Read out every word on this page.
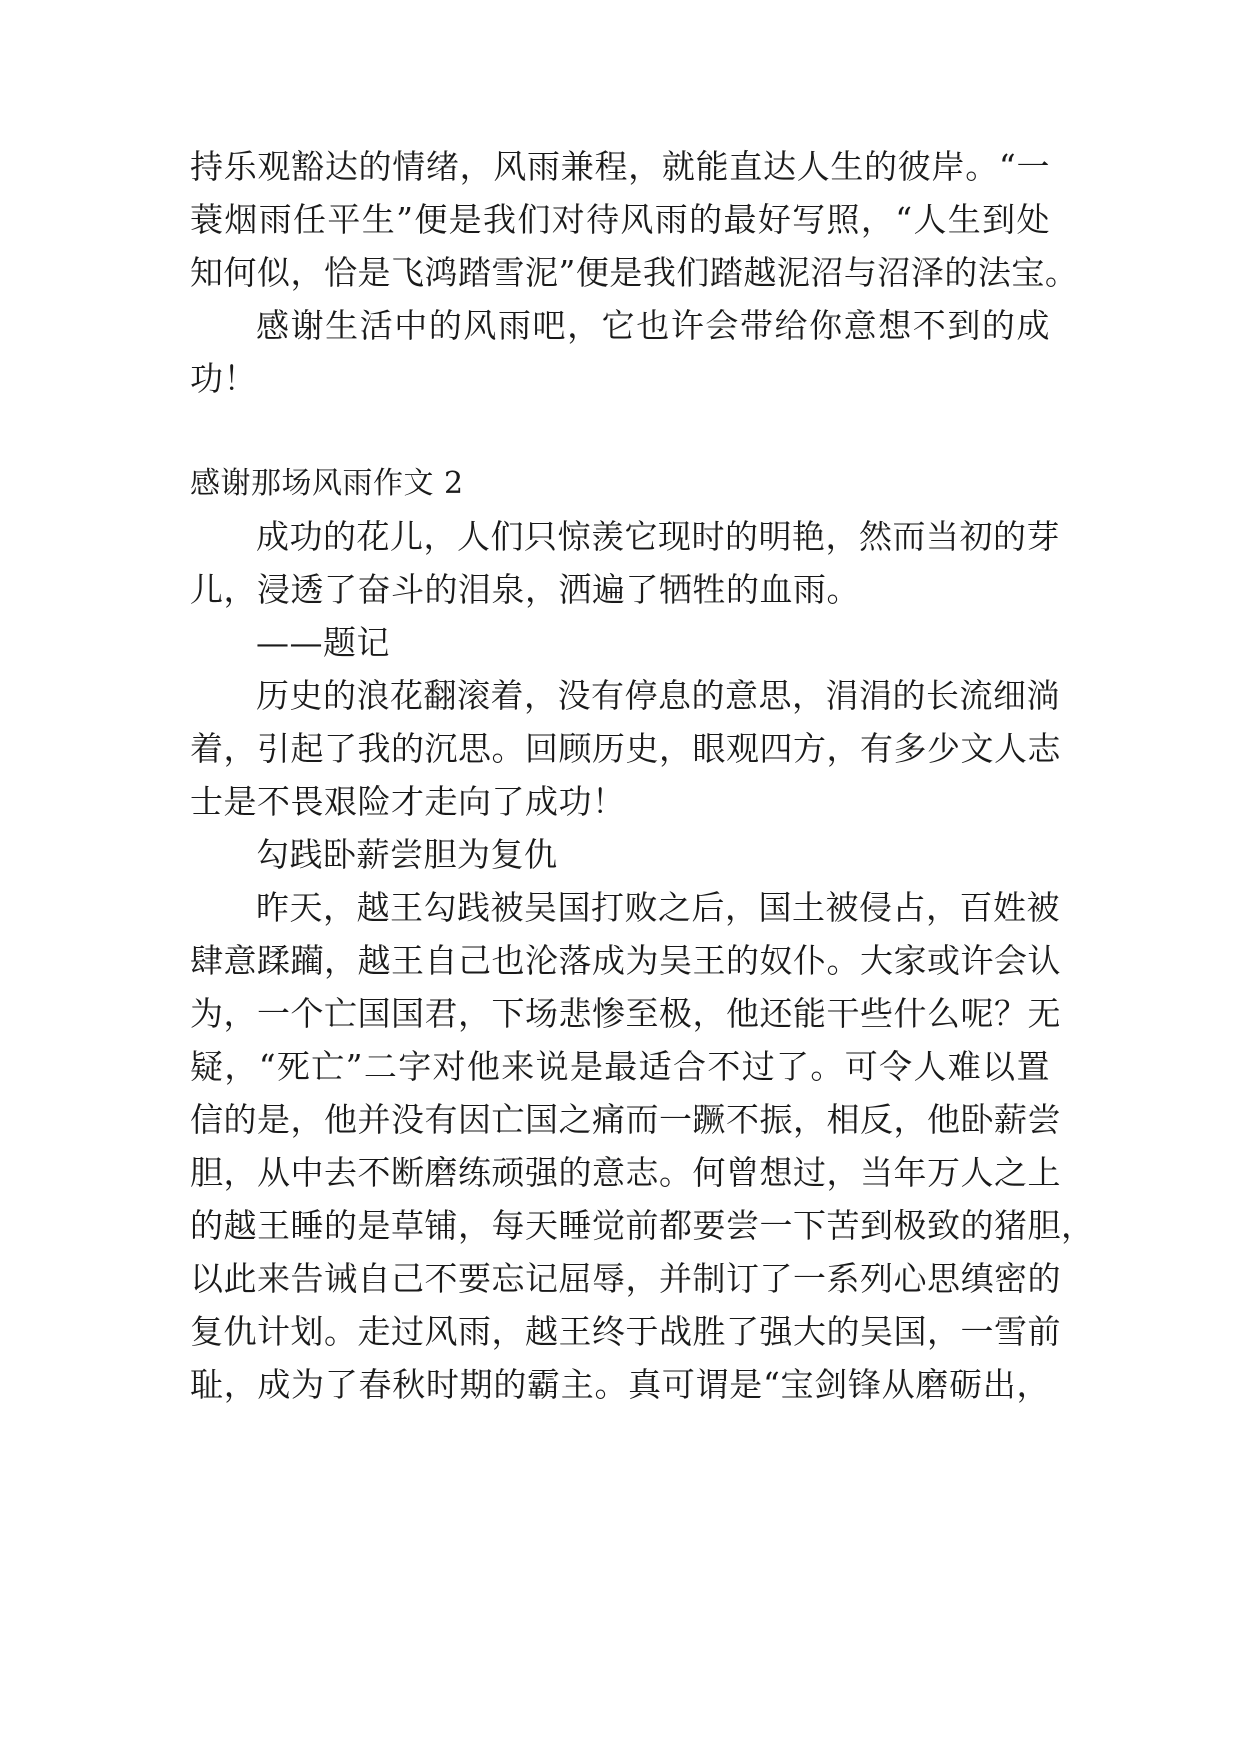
持乐观豁达的情绪，风雨兼程，就能直达人生的彼岸。“一
蓑烟雨任平生”便是我们对待风雨的最好写照，“人生到处
知何似，恰是飞鸿踏雪泥”便是我们踏越泥沼与沼泽的法宝。
感谢生活中的风雨吧，它也许会带给你意想不到的成
功！
感谢那场风雨作文 2
成功的花儿，人们只惊羡它现时的明艳，然而当初的芽
儿，浸透了奋斗的泪泉，洒遍了牺牲的血雨。
——题记
历史的浪花翻滚着，没有停息的意思，涓涓的长流细淌
着，引起了我的沉思。回顾历史，眼观四方，有多少文人志
士是不畏艰险才走向了成功！
勾践卧薪尝胆为复仇
昨天，越王勾践被吴国打败之后，国土被侵占，百姓被
肆意蹂躏，越王自己也沦落成为吴王的奴仆。大家或许会认
为，一个亡国国君，下场悲惨至极，他还能干些什么呢？无
疑，“死亡”二字对他来说是最适合不过了。可令人难以置
信的是，他并没有因亡国之痛而一蹶不振，相反，他卧薪尝
胆，从中去不断磨练顽强的意志。何曾想过，当年万人之上
的越王睡的是草铺，每天睡觉前都要尝一下苦到极致的猪胆，
以此来告诫自己不要忘记屈辱，并制订了一系列心思缜密的
复仇计划。走过风雨，越王终于战胜了强大的吴国，一雪前
耻，成为了春秋时期的霸主。真可谓是“宝剑锋从磨砺出，
